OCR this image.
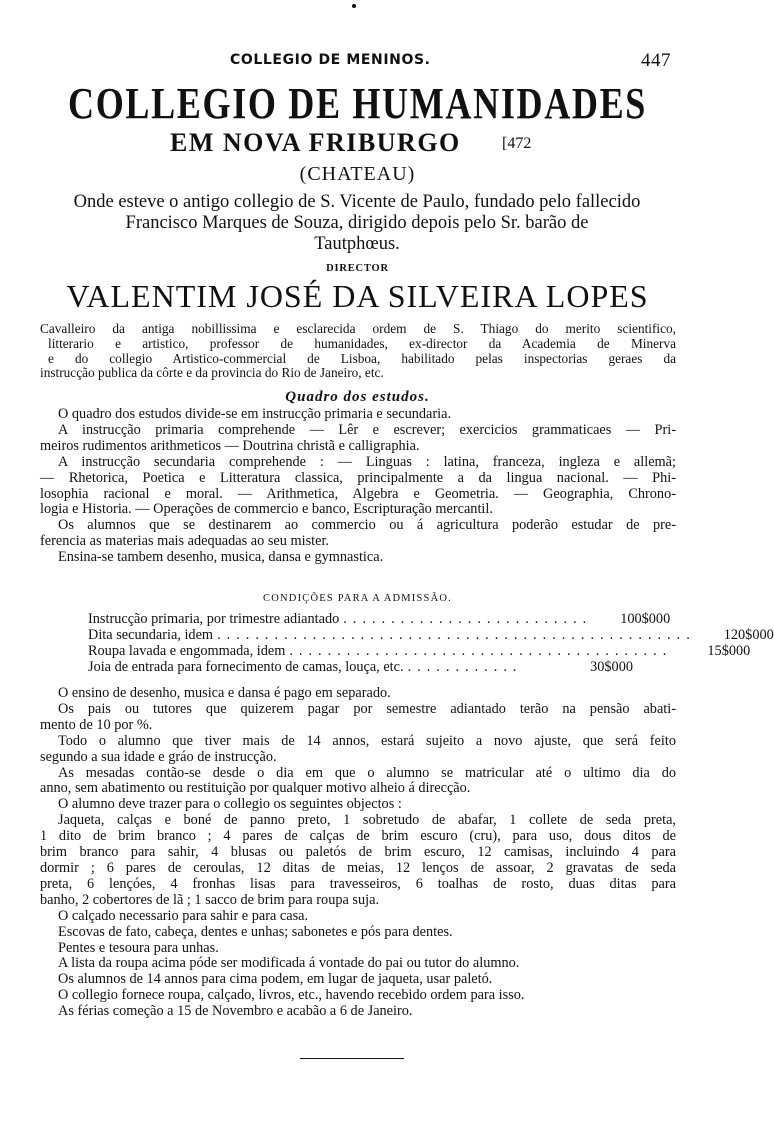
COLLEGIO DE MENINOS.	447
COLLEGIO DE HUMANIDADES
EM NOVA FRIBURGO	[472
(CHATEAU)
Onde esteve o antigo collegio de S. Vicente de Paulo, fundado pelo fallecido
Francisco Marques de Souza, dirigido depois pelo Sr. barão de
Tautphœus.
DIRECTOR
VALENTIM JOSÉ DA SILVEIRA LOPES
Cavalleiro da antiga nobillissima e esclarecida ordem de S. Thiago do merito scientifico,
litterario e artistico, professor de humanidades, ex-director da Academia de Minerva
e do collegio Artistico-commercial de Lisboa, habilitado pelas inspectorias geraes da
instrucção publica da côrte e da provincia do Rio de Janeiro, etc.
Quadro dos estudos.
O quadro dos estudos divide-se em instrucção primaria e secundaria.
A instrucção primaria comprehende — Lêr e escrever; exercicios grammaticaes — Pri-
meiros rudimentos arithmeticos — Doutrina christã e calligraphia.
A instrucção secundaria comprehende : — Linguas : latina, franceza, ingleza e allemã;
— Rhetorica, Poetica e Litteratura classica, principalmente a da lingua nacional. — Phi-
losophia racional e moral. — Arithmetica, Algebra e Geometria. — Geographia, Chrono-
logia e Historia. — Operações de commercio e banco, Escripturação mercantil.
Os alumnos que se destinarem ao commercio ou á agricultura poderão estudar de pre-
ferencia as materias mais adequadas ao seu mister.
Ensina-se tambem desenho, musica, dansa e gymnastica.
CONDIÇÕES PARA A ADMISSÃO.
Instrucção primaria, por trimestre adiantado ..........................	100$000
Dita secundaria, idem ..................................................	120$000
Roupa lavada e engommada, idem ........................................	15$000
Joia de entrada para fornecimento de camas, louça, etc. ............	30$000
O ensino de desenho, musica e dansa é pago em separado.
Os pais ou tutores que quizerem pagar por semestre adiantado terão na pensão abati-
mento de 10 por %.
Todo o alumno que tiver mais de 14 annos, estará sujeito a novo ajuste, que será feito
segundo a sua idade e gráo de instrucção.
As mesadas contão-se desde o dia em que o alumno se matricular até o ultimo dia do
anno, sem abatimento ou restituição por qualquer motivo alheio á direcção.
O alumno deve trazer para o collegio os seguintes objectos :
Jaqueta, calças e boné de panno preto, 1 sobretudo de abafar, 1 collete de seda preta,
1 dito de brim branco ; 4 pares de calças de brim escuro (cru), para uso, dous ditos de
brim branco para sahir, 4 blusas ou paletós de brim escuro, 12 camisas, incluindo 4 para
dormir ; 6 pares de ceroulas, 12 ditas de meias, 12 lenços de assoar, 2 gravatas de seda
preta, 6 lençóes, 4 fronhas lisas para travesseiros, 6 toalhas de rosto, duas ditas para
banho, 2 cobertores de lã ; 1 sacco de brim para roupa suja.
O calçado necessario para sahir e para casa.
Escovas de fato, cabeça, dentes e unhas; sabonetes e pós para dentes.
Pentes e tesoura para unhas.
A lista da roupa acima póde ser modificada á vontade do pai ou tutor do alumno.
Os alumnos de 14 annos para cima podem, em lugar de jaqueta, usar paletó.
O collegio fornece roupa, calçado, livros, etc., havendo recebido ordem para isso.
As férias começão a 15 de Novembro e acabão a 6 de Janeiro.
